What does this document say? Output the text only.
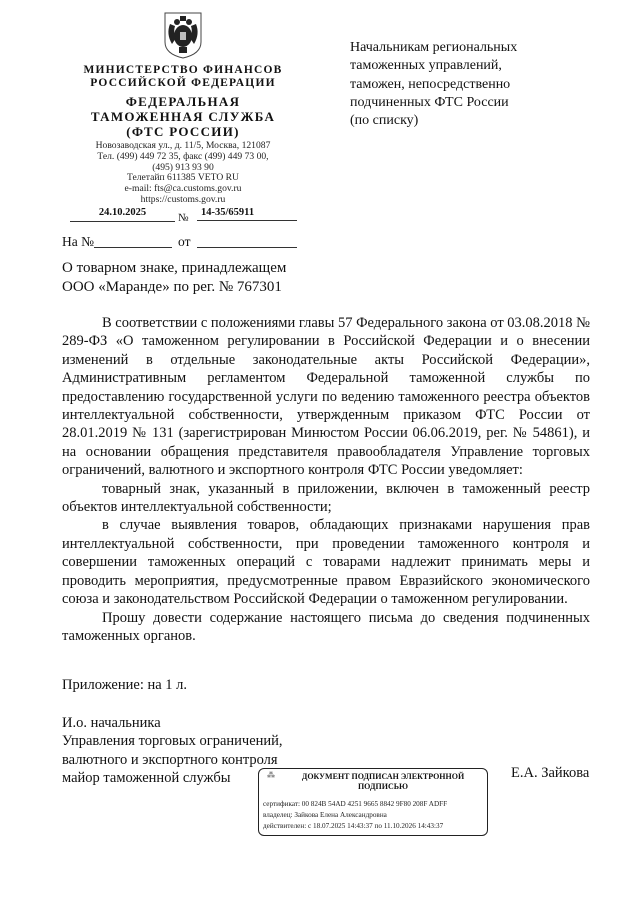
МИНИСТЕРСТВО ФИНАНСОВ
РОССИЙСКОЙ ФЕДЕРАЦИИ
ФЕДЕРАЛЬНАЯ
ТАМОЖЕННАЯ СЛУЖБА
(ФТС РОССИИ)
Новозаводская ул., д. 11/5, Москва, 121087
Тел. (499) 449 72 35, факс (499) 449 73 00,
(495) 913 93 90
Телетайп 611385 VETO RU
e-mail: fts@ca.customs.gov.ru
https://customs.gov.ru
24.10.2025	№	14-35/65911
На №	от
О товарном знаке, принадлежащем
ООО «Маранде» по рег. № 767301
Начальникам региональных
таможенных управлений,
таможен, непосредственно
подчиненных ФТС России
(по списку)

В соответствии с положениями главы 57 Федерального закона от 03.08.2018 № 289-ФЗ «О таможенном регулировании в Российской Федерации и о внесении изменений в отдельные законодательные акты Российской Федерации», Административным регламентом Федеральной таможенной службы по предоставлению государственной услуги по ведению таможенного реестра объектов интеллектуальной собственности, утвержденным приказом ФТС России от 28.01.2019 № 131 (зарегистрирован Минюстом России 06.06.2019, рег. № 54861), и на основании обращения представителя правообладателя Управление торговых ограничений, валютного и экспортного контроля ФТС России уведомляет:

товарный знак, указанный в приложении, включен в таможенный реестр объектов интеллектуальной собственности;

в случае выявления товаров, обладающих признаками нарушения прав интеллектуальной собственности, при проведении таможенного контроля и совершении таможенных операций с товарами надлежит принимать меры и проводить мероприятия, предусмотренные правом Евразийского экономического союза и законодательством Российской Федерации о таможенном регулировании.

Прошу довести содержание настоящего письма до сведения подчиненных таможенных органов.

Приложение: на 1 л.
И.о. начальника
Управления торговых ограничений,
валютного и экспортного контроля
майор таможенной службы	Е.А. Зайкова
⁂	ДОКУМЕНТ ПОДПИСАН ЭЛЕКТРОННОЙ
ПОДПИСЬЮ
сертификат: 00 824B 54AD 4251 9665 8842 9F80 208F ADFF
владелец: Зайкова Елена Александровна
действителен: с 18.07.2025 14:43:37 по 11.10.2026 14:43:37
